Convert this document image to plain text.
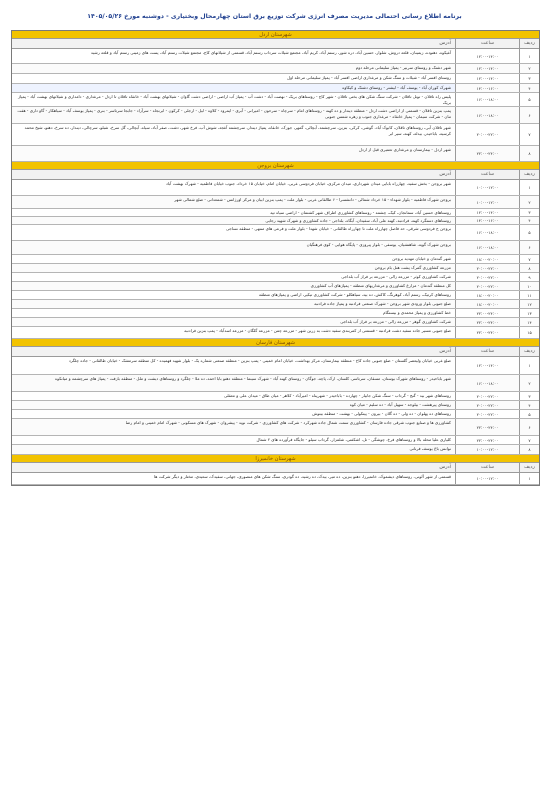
برنامه اطلاع رسانی احتمالی مدیریت مصرف انرژی شرکت توزیع برق استان چهارمحال وبختیاری - دوشنبه مورخ ۱۴۰۵/۰۵/۲۶
شهرستان اردل
ردیف
ساعت
آدرس
۱
۱۲:۰۰-۱۴:۰۰
آغیکوه، دهنوده، زیمینان، قلعه دروش، شلوار، حسین آباد، دره شور، رستم آباد، کریم آباد، مجتمع شیلات سرداب رستم آباد، قسمتی از شیلاتهای کاج، مجتمع شیلات رستم آباد، پست های زمینی رستم آباد و قلعه رشید
۲
۱۲:۰۰-۱۴:۰۰
شهر دشتک و روستای سربیر - پمپاژ سلیمانی مرحله دوم
۳
۱۲:۰۰-۱۴:۰۰
روستای افسر آباد - شیلات و سنگ شکن و مرغداری اراضی افسر آباد - پمپاژ سلیمانی مرحله اول
۴
۱۴:۰۰-۱۶:۰۰
شهرک کوران آباد - یوسف آباد - لیشتر - روستای دشتک و کیکاوه
۵
۱۶:۰۰-۱۸:۰۰
پلیس راه تاقلان - تونل تاقلان - شرکت سنگ شکن های بختی تاقلان - شهر کاج - روستاهای بریک - نهضت آباد - دشت آب - پمپاژ آب اراضی - اراضی دشت گاوان - شیلاتهای بهشت آباد - خانقاه تاقلان تا اردل - مرغداری - دامداری و شیلاتهای بهشت آباد - پمپاژ بریک
۶
۱۶:۰۰-۱۸:۰۰
پمپ بنزین تاقلان - قسمتی از اراضی دشت اردل - منطقه دیندار و ده کهنه - روستاهای امام - سرچاه - سرحون - امیرانی - آبری - ایمرود - کلاوه - لیل - ارجلی - کرکون - ابرنجاه - سرآزاد - جابجا سرتاسر - بنری - پمپاژ یوسف آباد - سیاهکار - گاو داری - هفت تنان - شرکت سیمان - پمپاژ خانقاه - مرغداری جنوب و زهره شمس جنوبی
۷
۲۰:۰۰-۲۲:۰۰
شهر تاقلان آبی، روستاهای تاقلان، کابوک آباد، گوشی، کرکی، بنزین، سرچشمه، آبچالی، گمهر، جوزک، خانقاه، پمپاژ دیندار، سرچشمه آغجه، شوش آب، فرخ شهر، دشت، صفر آباد، سیاه، آبچالی، گل سرخ، شبلو، سرچالی، دیندار، ده سرخ، دهنو، شیخ محمد کرسیه، باباحیدر، بیدله، کهنه، سیر ابر
۸
۲۲:۰۰-۲۴:۰۰
شهر اردل - بیمارستان و مرغداری تعمیری قبل از اردل
شهرستان بروجن
ردیف
ساعت
آدرس
۱
۱۰:۰۰-۱۲:۰۰
شهر بروجن - بخش سفید، چهارراه بابایی میدان شهرداری، میدان مرکزی، خیابان فردوسی غربی، خیابان امام، خیابان ۱۵ خرداد، جنوب خیابان فاطمیه - شهرک بهشت آباد
۲
۱۰:۰۰-۱۲:۰۰
بروجن شهرک فاطمیه - بلوار شهداء - ۱۵ خرداد شمالی - دانشسرا - ۶ طالقانی غربی - بلوار ملت - پمپ بنزین ابیان و مرکز اورژانس - شمعدانی - ضلع شمالی شهر
۳
۱۲:۰۰-۱۴:۰۰
روستاهای حسین آباد، سمانجان، کیک، چشمه - روستاهای کشاورزی اطراف شهر کشتمان - اراضی سیاه تپه
۴
۱۴:۰۰-۱۶:۰۰
روستاهای دستگرد کهنه، فرادنبه، کهنه علی آباد، سفیدان، آبگاه، بلداجی - جاده کشاورزی و شهرک شهید رجایی
۵
۱۶:۰۰-۱۸:۰۰
بروجن ج فردوسی شرقی، حد فاصل چهارراه ملت تا چهارراه طالقانی - خیابان شهدا - بلوار ملت و فرعی های منتهی - منطقه نساجی
۶
۱۶:۰۰-۱۸:۰۰
بروجن شهرک گویه، شاهنشیان، یوسفی - بلوار پیروزی - پایگاه هوایی - کوی فرهنگیان
۷
۱۸:۰۰-۲۰:۰۰
شهر گندمان و خیابان مهدیه بروجن
۸
۲۰:۰۰-۲۲:۰۰
مزرعه کشاورزی گمرک پشت هنل بام بروجن
۹
۲۰:۰۰-۲۲:۰۰
شرکت کشاورزی کوثر - مزرعه زالی - مزرعه بر فراز آب بلداجی
۱۰
۲۰:۰۰-۲۲:۰۰
کل منطقه گندمان - مزارع کشاورزی و مرغداریهای منطقه - پمپاژهای آب کشاورزی
۱۱
۱۸:۰۰-۲۰:۰۰
روستاهای کرتیک، رستم آباد، کوهرنگ، کاکش، ده بید، سیاهکلو - شرکت کشاورزی تیکیر، اراضی و پمپاژهای منطقه
۱۲
۱۸:۰۰-۲۰:۰۰
ضلع جنوبی بلوار ورودی شهر بروجن - شهرک صنعتی فرادنبه و پمپاژ جاده فرادنبه
۱۳
۲۲:۰۰-۲۴:۰۰
خط کشاورزی و پمپاژ محمدی و بیستگام
۱۴
۲۲:۰۰-۲۴:۰۰
شرکت کشاورزی گوهر - مزرعه زالی - مزرعه بر فراز آب بلداجی
۱۵
۲۲:۰۰-۲۴:۰۰
ضلع جنوبی مسیر جاده سفید دشت فرادنبه - قسمتی از کمربندی سفید دشت به زرین شهر - مزرعه چمن - مزرعه گلگان - مزرعه اسدآباد - پمپ بنزین فرادنبه
شهرستان فارسان
ردیف
ساعت
آدرس
۱
۱۲:۰۰-۱۴:۰۰
ضلع غربی خیابان ولیعصر گلستان - ضلع جنوبی جاده کاخ - منطقه بیمارستان، مرکز بهداشت، خیابان امام خمینی - پمپ بنزین - منطقه صنعتی شماره یک - بلوار شهید فهمیده - کل منطقه سرمشک - خیابان طالقانی - جاده چلگرد
۲
۱۶:۰۰-۱۸:۰۰
شهر باباحیدر - روستاهای شهرک بوستان، مسقان، سرتاسر، کلسان، ارک، پاچه، جوگان - روستای کهنه آباد - شهرک سینما - منطقه دهنو بابا احمد، ده ملا - چلگرد و روستاهای دیشت و ملل - منطقه بازفت - پمپاژ های سرچشمه و میانکوه
۳
۲۰:۰۰-۲۲:۰۰
روستاهای شهر بید - گنج - گرداب - سنگ شکن جابیار - چهارده - باباحیدر - شهرپناه - امیرآباد - کلاهر - میان طاق - میدان علی و معقلی
۴
۲۰:۰۰-۲۲:۰۰
روستای پیرهشت - بیلوجه - سهیل آباد - ده سلیم - میان کوه
۵
۲۰:۰۰-۲۲:۰۰
روستاهای ده پهلوان - ده ولی - ده گلان - بیرون - پیتکولی - بهشت - منطقه بیتوش
۶
۲۲:۰۰-۲۴:۰۰
کشاورزی ها و صنایع جنوب شرقی جاده فارسان - کشاورزی سمت شمال جاده شهرکرد - شرکت های کشاورزی - شرکت نوید - پیشروان - شهرک های مسکونی - شهرک امام خمینی و امام رضا
۷
۲۲:۰۰-۲۴:۰۰
کلیاری علیا محله بالا و روستاهای فرخ، چوشگی - تل، اشکفتی، شلمزار، گرداب سیلو - جایگاه فرآورده های ۲ شمال
۸
۱۰:۰۰-۱۲:۰۰
نوانس باغ یوسف فرنانی
شهرستان خانمیرزا
ردیف
ساعت
آدرس
۱
۱۰:۰۰-۱۲:۰۰
قسمتی از شهر آلونی، روستاهای دیشموک، خانمیرزا، دهنو بنزین، ده میر، بیدک، ده رشید، ده گودری، سنگ شکن های منصوری، جهانی، سفیدک، سعیدی، مختار و دیگر شرکت ها
